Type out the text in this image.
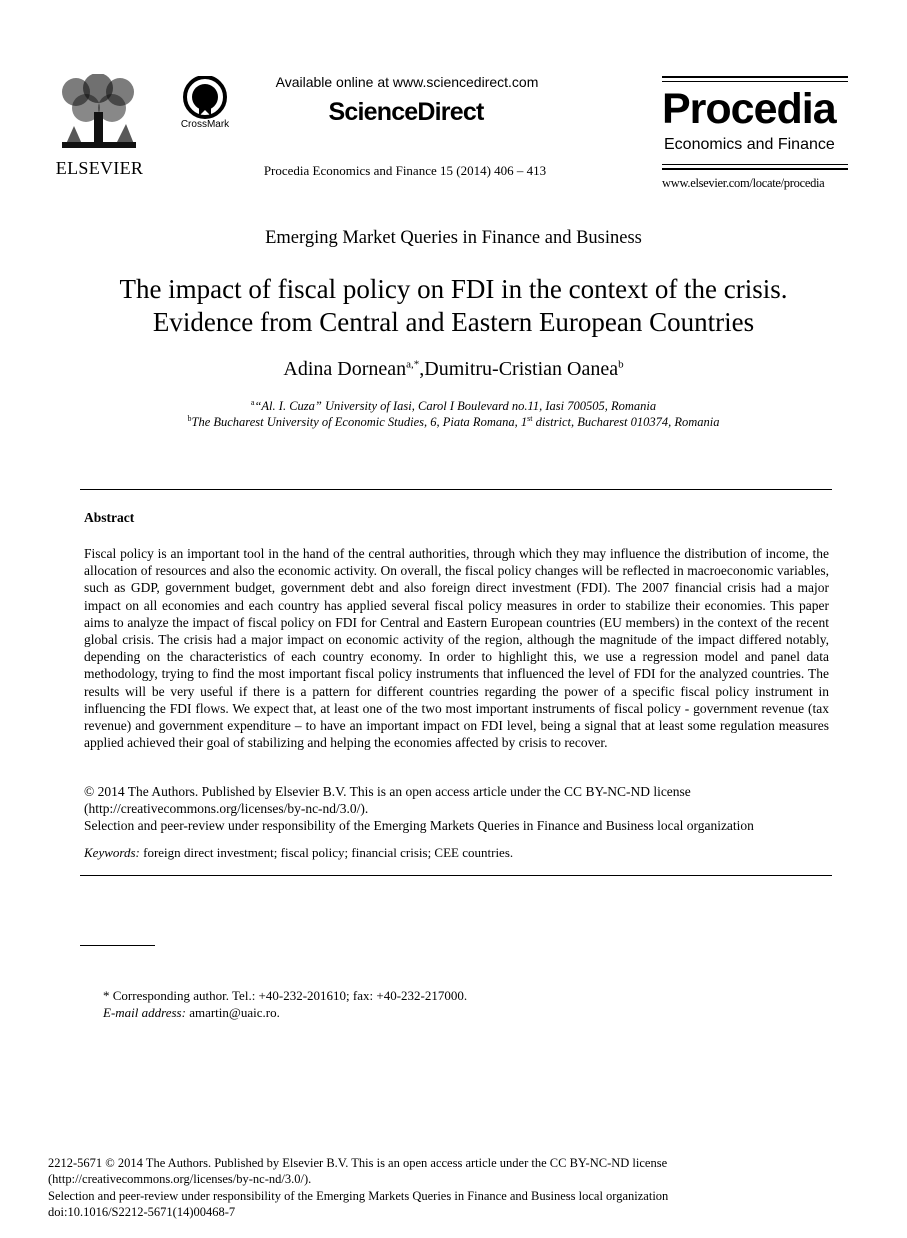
ELSEVIER
CrossMark
Available online at www.sciencedirect.com
ScienceDirect
Procedia Economics and Finance 15 (2014) 406 – 413
Procedia
Economics and Finance
www.elsevier.com/locate/procedia
Emerging Market Queries in Finance and Business
The impact of fiscal policy on FDI in the context of the crisis.
Evidence from Central and Eastern European Countries
Adina Dornean$^{a,*}$,Dumitru-Cristian Oanea$^b$
$^a$“Al. I. Cuza” University of Iasi, Carol I Boulevard no.11, Iasi 700505, Romania
$^b$The Bucharest University of Economic Studies, 6, Piata Romana, 1st district, Bucharest 010374, Romania
Abstract
Fiscal policy is an important tool in the hand of the central authorities, through which they may influence the distribution of income, the allocation of resources and also the economic activity. On overall, the fiscal policy changes will be reflected in macroeconomic variables, such as GDP, government budget, government debt and also foreign direct investment (FDI). The 2007 financial crisis had a major impact on all economies and each country has applied several fiscal policy measures in order to stabilize their economies. This paper aims to analyze the impact of fiscal policy on FDI for Central and Eastern European countries (EU members) in the context of the recent global crisis. The crisis had a major impact on economic activity of the region, although the magnitude of the impact differed notably, depending on the characteristics of each country economy. In order to highlight this, we use a regression model and panel data methodology, trying to find the most important fiscal policy instruments that influenced the level of FDI for the analyzed countries. The results will be very useful if there is a pattern for different countries regarding the power of a specific fiscal policy instrument in influencing the FDI flows. We expect that, at least one of the two most important instruments of fiscal policy - government revenue (tax revenue) and government expenditure – to have an important impact on FDI level, being a signal that at least some regulation measures applied achieved their goal of stabilizing and helping the economies affected by crisis to recover.
© 2014 The Authors. Published by Elsevier B.V. This is an open access article under the CC BY-NC-ND license
(http://creativecommons.org/licenses/by-nc-nd/3.0/).
Selection and peer-review under responsibility of the Emerging Markets Queries in Finance and Business local organization
Keywords: foreign direct investment; fiscal policy; financial crisis; CEE countries.
* Corresponding author. Tel.: +40-232-201610; fax: +40-232-217000.
E-mail address: amartin@uaic.ro.
2212-5671 © 2014 The Authors. Published by Elsevier B.V. This is an open access article under the CC BY-NC-ND license
(http://creativecommons.org/licenses/by-nc-nd/3.0/).
Selection and peer-review under responsibility of the Emerging Markets Queries in Finance and Business local organization
doi:10.1016/S2212-5671(14)00468-7
